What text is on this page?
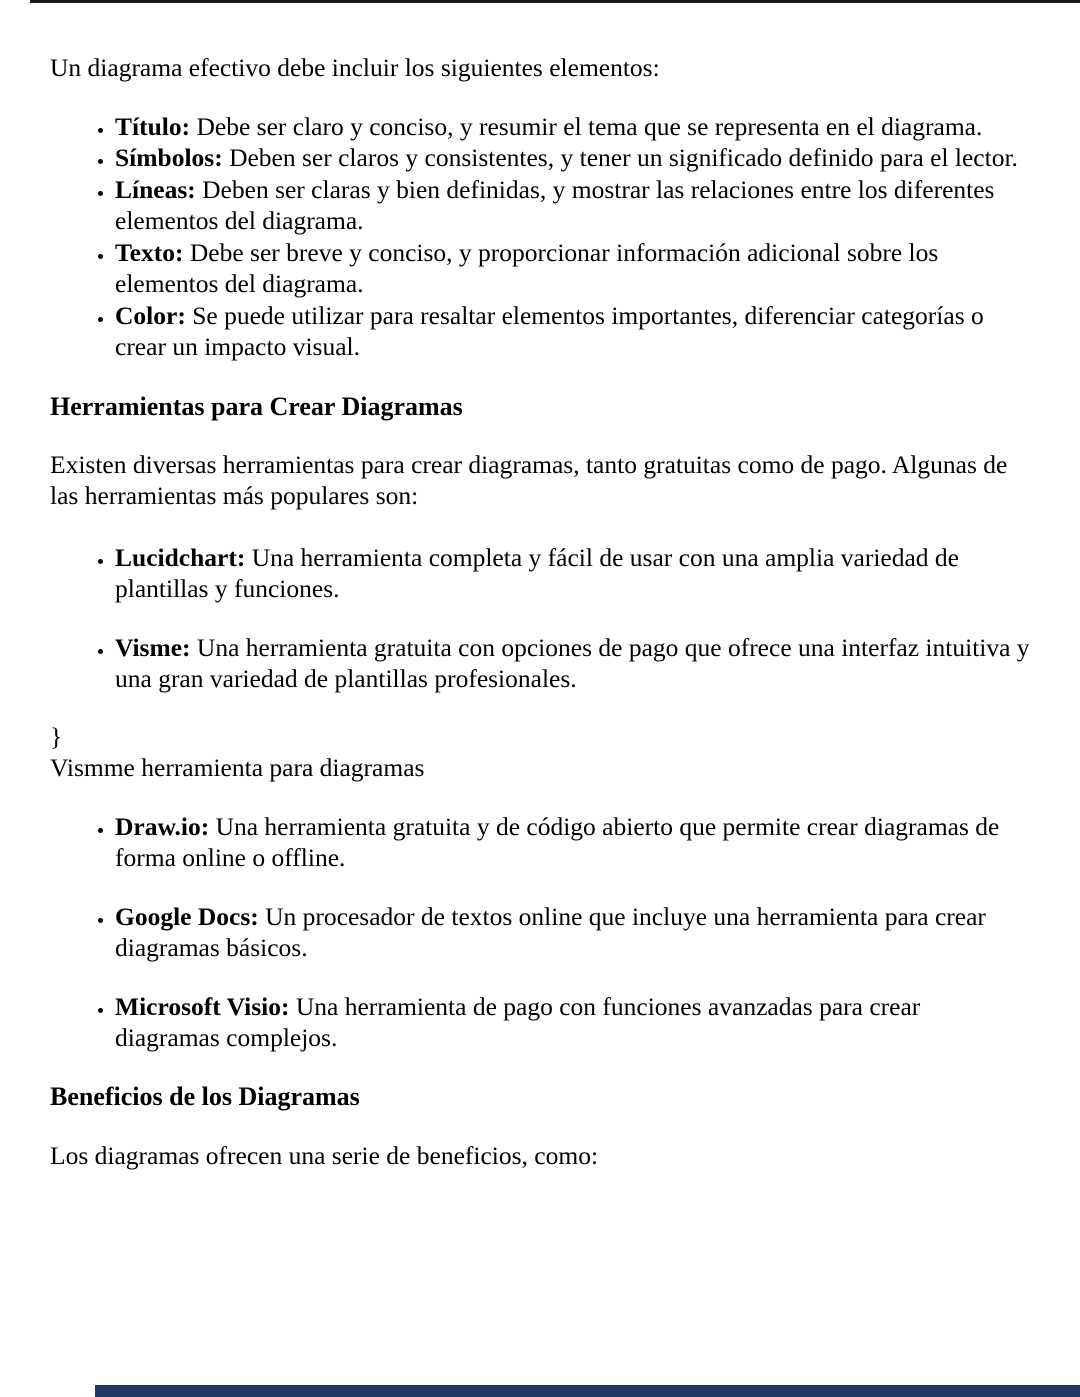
Un diagrama efectivo debe incluir los siguientes elementos:

• Título: Debe ser claro y conciso, y resumir el tema que se representa en el diagrama.
• Símbolos: Deben ser claros y consistentes, y tener un significado definido para el lector.
• Líneas: Deben ser claras y bien definidas, y mostrar las relaciones entre los diferentes elementos del diagrama.
• Texto: Debe ser breve y conciso, y proporcionar información adicional sobre los elementos del diagrama.
• Color: Se puede utilizar para resaltar elementos importantes, diferenciar categorías o crear un impacto visual.
Herramientas para Crear Diagramas

Existen diversas herramientas para crear diagramas, tanto gratuitas como de pago. Algunas de las herramientas más populares son:

• Lucidchart: Una herramienta completa y fácil de usar con una amplia variedad de plantillas y funciones.
• Visme: Una herramienta gratuita con opciones de pago que ofrece una interfaz intuitiva y una gran variedad de plantillas profesionales.

}

Vismme herramienta para diagramas

• Draw.io: Una herramienta gratuita y de código abierto que permite crear diagramas de forma online o offline.
• Google Docs: Un procesador de textos online que incluye una herramienta para crear diagramas básicos.
• Microsoft Visio: Una herramienta de pago con funciones avanzadas para crear diagramas complejos.
Beneficios de los Diagramas

Los diagramas ofrecen una serie de beneficios, como:
